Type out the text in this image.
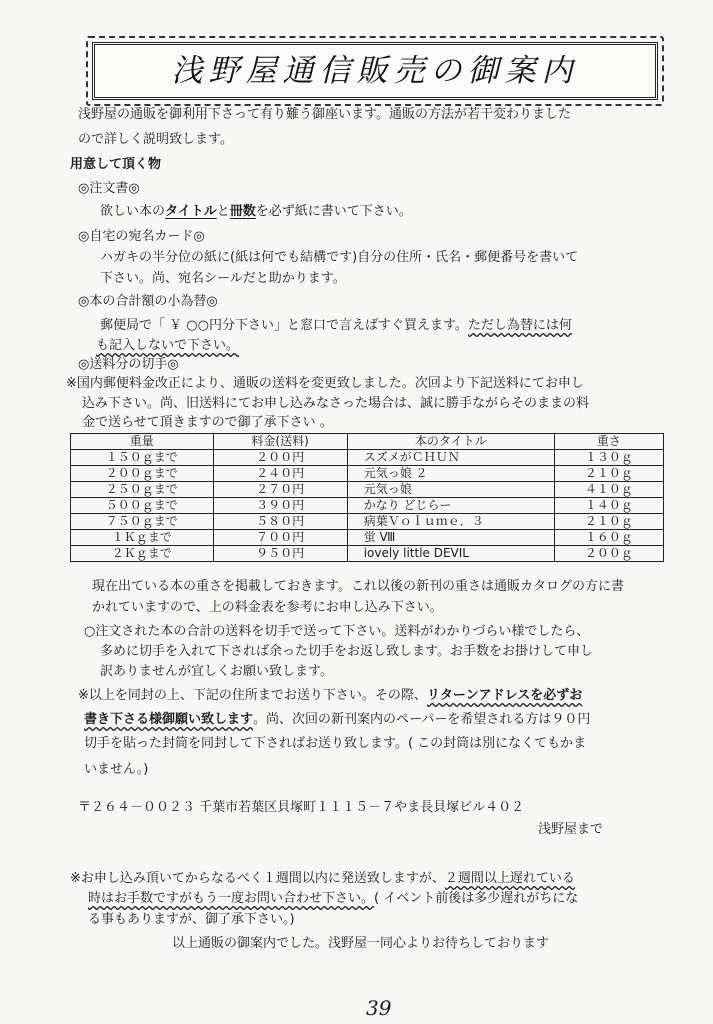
浅野屋通信販売の御案内
浅野屋の通販を御利用下さって有り難う御座います。通販の方法が若干変わりました
ので詳しく説明致します。
用意して頂く物
◎注文書◎
欲しい本のタイトルと冊数を必ず紙に書いて下さい。
◎自宅の宛名カード◎
ハガキの半分位の紙に(紙は何でも結構です)自分の住所・氏名・郵便番号を書いて
下さい。尚、宛名シールだと助かります。
◎本の合計額の小為替◎
郵便局で「 ￥ ○○円分下さい」と窓口で言えばすぐ買えます。ただし為替には何
も記入しないで下さい。
◎送料分の切手◎
※国内郵便料金改正により、通販の送料を変更致しました。次回より下記送料にてお申し
込み下さい。尚、旧送料にてお申し込みなさった場合は、誠に勝手ながらそのままの料
金で送らせて頂きますので御了承下さい 。
重量	料金(送料)	本のタイトル	重さ
１５０ｇまで	２００円	スズメがＣＨＵＮ	１３０ｇ
２００ｇまで	２４０円	元気っ娘 ２	２１０ｇ
２５０ｇまで	２７０円	元気っ娘	４１０ｇ
５００ｇまで	３９０円	かなり どじらー	１４０ｇ
７５０ｇまで	５８０円	病葉Ｖｏｌｕｍｅ．３	２１０ｇ
１Ｋｇまで	７００円	蛍 Ⅷ	１６０ｇ
２Ｋｇまで	９５０円	iovely little DEVIL	２００ｇ
現在出ている本の重さを掲載しておきます。これ以後の新刊の重さは通販カタログの方に書
かれていますので、上の料金表を参考にお申し込み下さい。
○注文された本の合計の送料を切手で送って下さい。送料がわかりづらい様でしたら、
多めに切手を入れて下されば余った切手をお返し致します。お手数をお掛けして申し
訳ありませんが宜しくお願い致します。
※以上を同封の上、下記の住所までお送り下さい。その際、リターンアドレスを必ずお
書き下さる様御願い致します。尚、次回の新刊案内のペーパーを希望される方は９０円
切手を貼った封筒を同封して下さればお送り致します。( この封筒は別になくてもかま
いません。)
〒２６４－００２３ 千葉市若葉区貝塚町１１１５－７やま長貝塚ビル４０２
浅野屋まで
※お申し込み頂いてからなるべく１週間以内に発送致しますが、２週間以上遅れている
時はお手数ですがもう一度お問い合わせ下さい。( イベント前後は多少遅れがちにな
る事もありますが、御了承下さい。)
以上通販の御案内でした。浅野屋一同心よりお待ちしております
39
